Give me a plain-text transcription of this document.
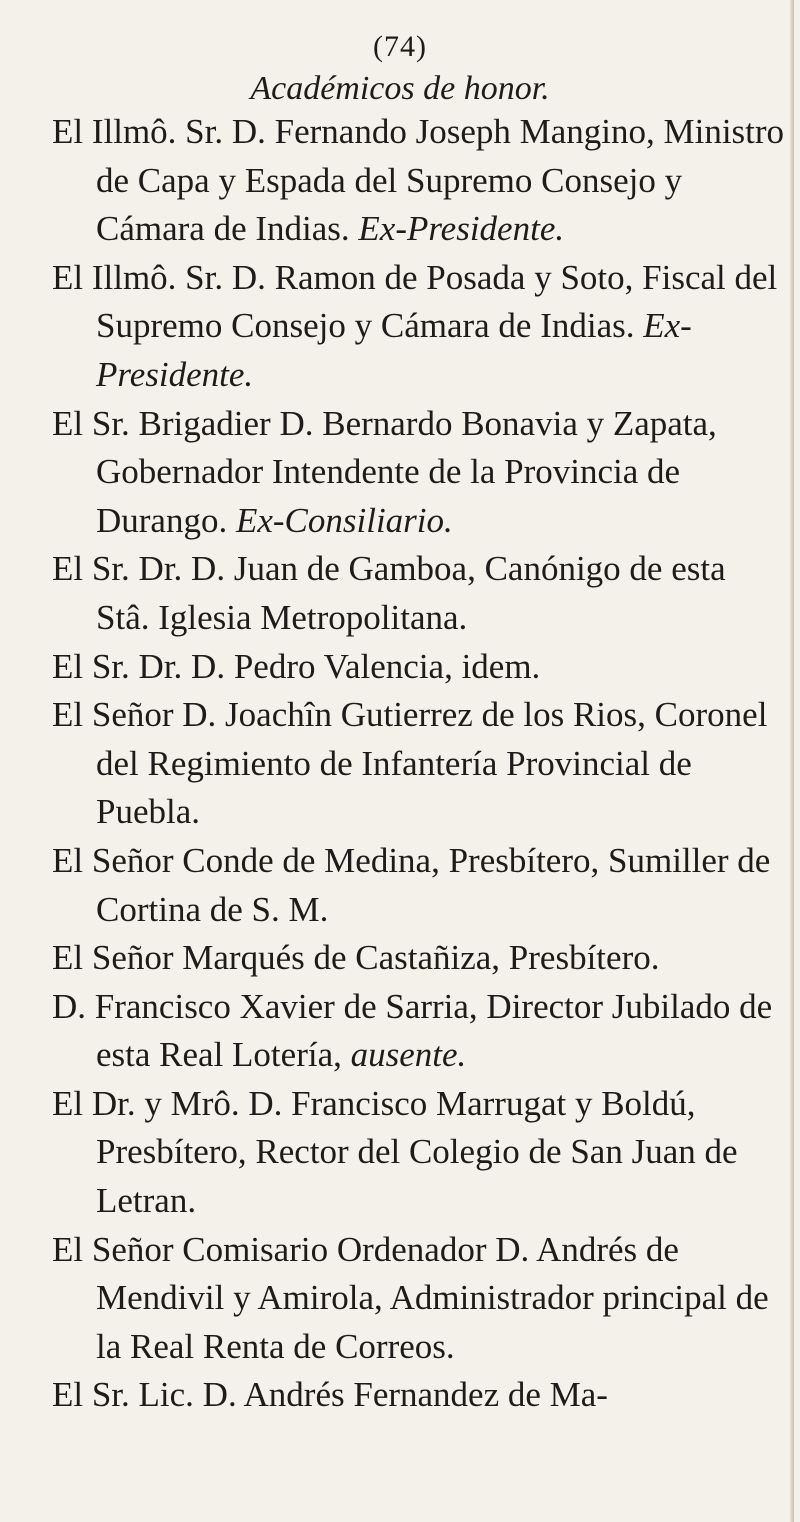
(74)
Académicos de honor.

El Illmô. Sr. D. Fernando Joseph Mangino, Ministro de Capa y Espada del Supremo Consejo y Cámara de Indias. Ex-Presidente.

El Illmô. Sr. D. Ramon de Posada y Soto, Fiscal del Supremo Consejo y Cámara de Indias. Ex-Presidente.

El Sr. Brigadier D. Bernardo Bonavia y Zapata, Gobernador Intendente de la Provincia de Durango. Ex-Consiliario.

El Sr. Dr. D. Juan de Gamboa, Canónigo de esta Stâ. Iglesia Metropolitana.

El Sr. Dr. D. Pedro Valencia, idem.

El Señor D. Joachîn Gutierrez de los Rios, Coronel del Regimiento de Infantería Provincial de Puebla.

El Señor Conde de Medina, Presbítero, Sumiller de Cortina de S. M.

El Señor Marqués de Castañiza, Presbítero.

D. Francisco Xavier de Sarria, Director Jubilado de esta Real Lotería, ausente.

El Dr. y Mrô. D. Francisco Marrugat y Boldú, Presbítero, Rector del Colegio de San Juan de Letran.

El Señor Comisario Ordenador D. Andrés de Mendivil y Amirola, Administrador principal de la Real Renta de Correos.

El Sr. Lic. D. Andrés Fernandez de Ma-
